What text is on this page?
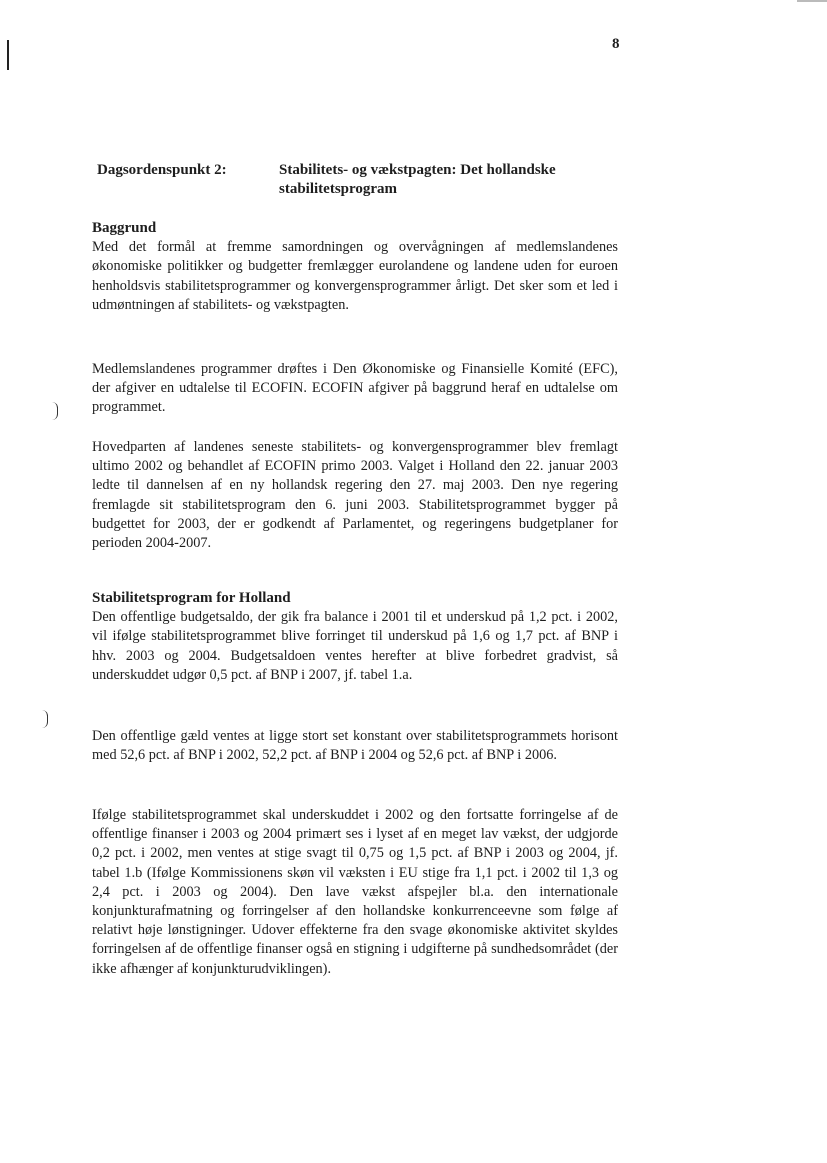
8
Dagsordenspunkt 2:	Stabilitets- og vækstpagten: Det hollandske stabilitetsprogram
Baggrund

Med det formål at fremme samordningen og overvågningen af medlemslandenes økonomiske politikker og budgetter fremlægger eurolandene og landene uden for euroen henholdsvis stabilitetsprogrammer og konvergensprogrammer årligt. Det sker som et led i udmøntningen af stabilitets- og vækstpagten.

Medlemslandenes programmer drøftes i Den Økonomiske og Finansielle Komité (EFC), der afgiver en udtalelse til ECOFIN. ECOFIN afgiver på baggrund heraf en udtalelse om programmet.

Hovedparten af landenes seneste stabilitets- og konvergensprogrammer blev fremlagt ultimo 2002 og behandlet af ECOFIN primo 2003. Valget i Holland den 22. januar 2003 ledte til dannelsen af en ny hollandsk regering den 27. maj 2003. Den nye regering fremlagde sit stabilitetsprogram den 6. juni 2003. Stabilitetsprogrammet bygger på budgettet for 2003, der er godkendt af Parlamentet, og regeringens budgetplaner for perioden 2004-2007.

Stabilitetsprogram for Holland

Den offentlige budgetsaldo, der gik fra balance i 2001 til et underskud på 1,2 pct. i 2002, vil ifølge stabilitetsprogrammet blive forringet til underskud på 1,6 og 1,7 pct. af BNP i hhv. 2003 og 2004. Budgetsaldoen ventes herefter at blive forbedret gradvist, så underskuddet udgør 0,5 pct. af BNP i 2007, jf. tabel 1.a.

Den offentlige gæld ventes at ligge stort set konstant over stabilitetsprogrammets horisont med 52,6 pct. af BNP i 2002, 52,2 pct. af BNP i 2004 og 52,6 pct. af BNP i 2006.

Ifølge stabilitetsprogrammet skal underskuddet i 2002 og den fortsatte forringelse af de offentlige finanser i 2003 og 2004 primært ses i lyset af en meget lav vækst, der udgjorde 0,2 pct. i 2002, men ventes at stige svagt til 0,75 og 1,5 pct. af BNP i 2003 og 2004, jf. tabel 1.b (Ifølge Kommissionens skøn vil væksten i EU stige fra 1,1 pct. i 2002 til 1,3 og 2,4 pct. i 2003 og 2004). Den lave vækst afspejler bl.a. den internationale konjunkturafmatning og forringelser af den hollandske konkurrenceevne som følge af relativt høje lønstigninger. Udover effekterne fra den svage økonomiske aktivitet skyldes forringelsen af de offentlige finanser også en stigning i udgifterne på sundhedsområdet (der ikke afhænger af konjunkturudviklingen).
